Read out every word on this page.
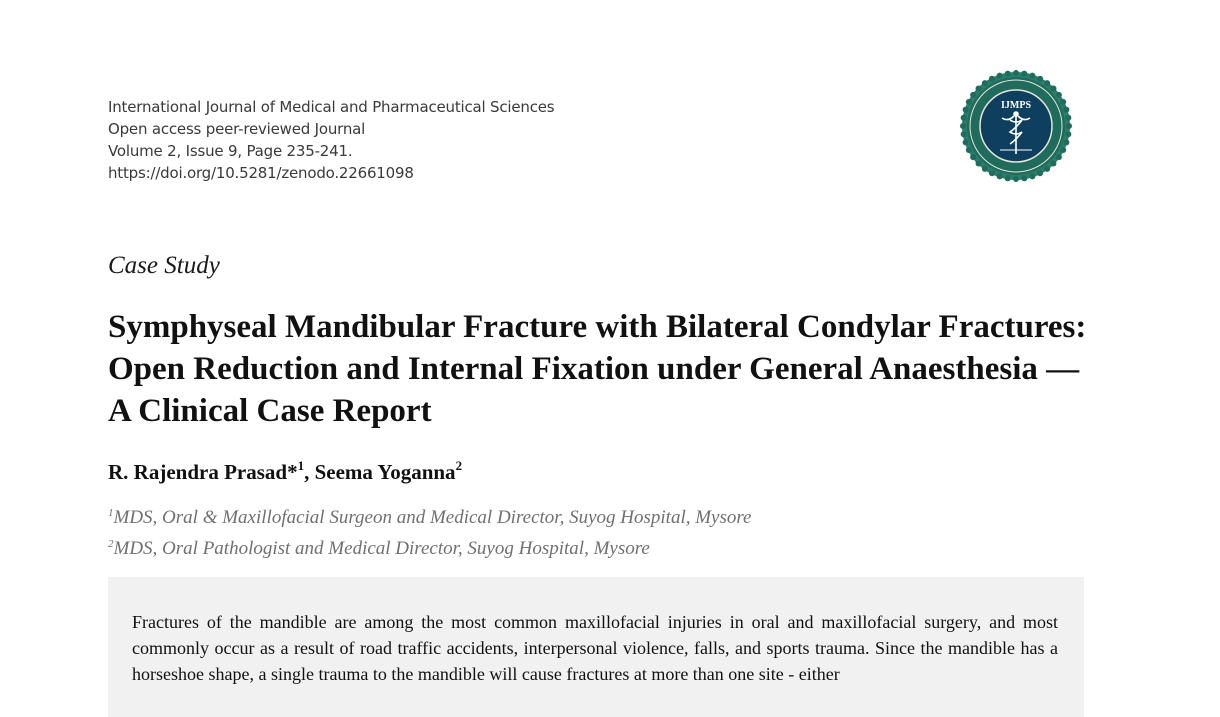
International Journal of Medical and Pharmaceutical Sciences
Open access peer-reviewed Journal
Volume 2, Issue 9, Page 235-241.
https://doi.org/10.5281/zenodo.22661098
IJMPS
Case Study
Symphyseal Mandibular Fracture with Bilateral Condylar Fractures: Open Reduction and Internal Fixation under General Anaesthesia — A Clinical Case Report
R. Rajendra Prasad*$^1$, Seema Yoganna$^2$
$^1$MDS, Oral & Maxillofacial Surgeon and Medical Director, Suyog Hospital, Mysore
$^2$MDS, Oral Pathologist and Medical Director, Suyog Hospital, Mysore
Fractures of the mandible are among the most common maxillofacial injuries in oral and maxillofacial surgery, and most commonly occur as a result of road traffic accidents, interpersonal violence, falls, and sports trauma. Since the mandible has a horseshoe shape, a single trauma to the mandible will cause fractures at more than one site - either
